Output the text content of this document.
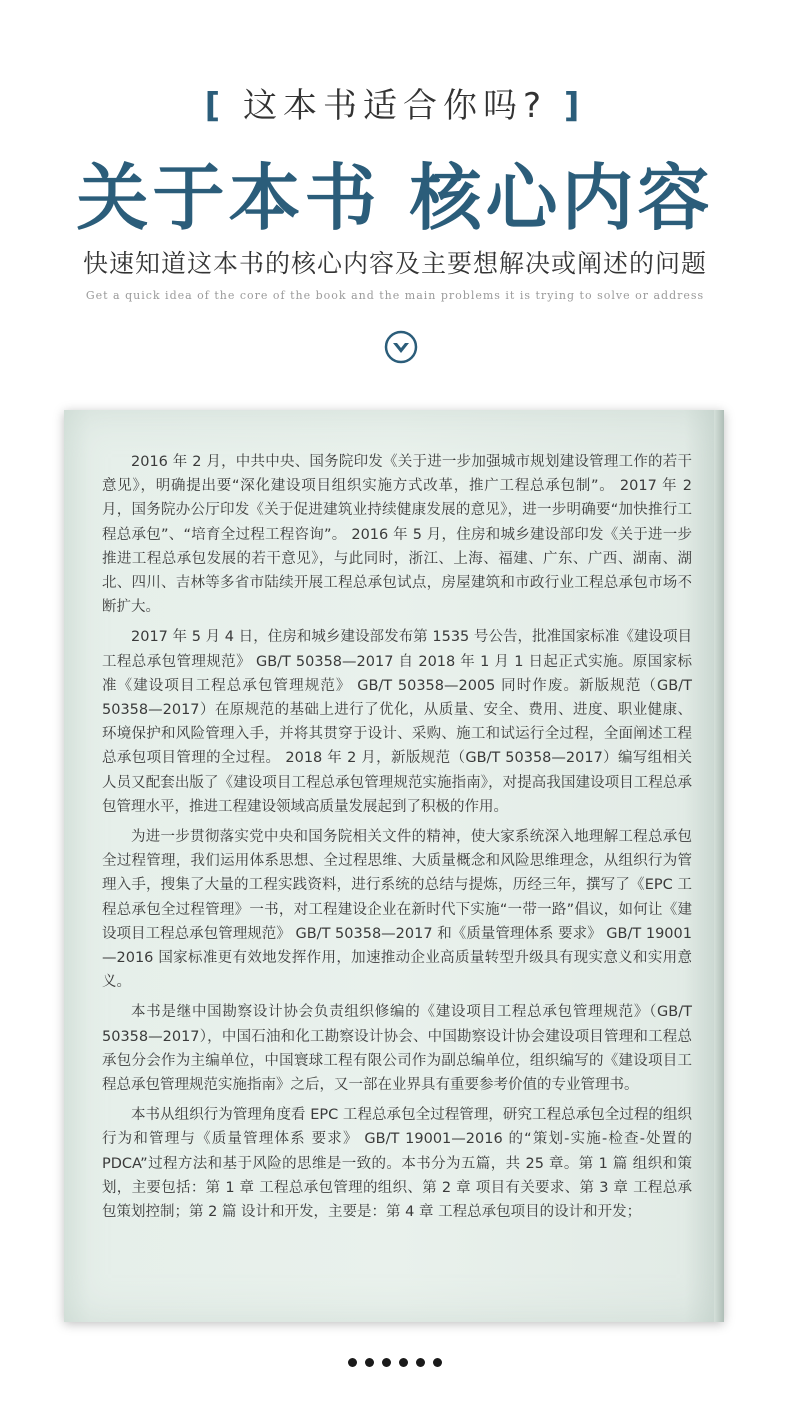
[ 这本书适合你吗? ]
关于本书 核心内容
快速知道这本书的核心内容及主要想解决或阐述的问题
Get a quick idea of the core of the book and the main problems it is trying to solve or address

2016 年 2 月，中共中央、国务院印发《关于进一步加强城市规划建设管理工作的若干意见》，明确提出要“深化建设项目组织实施方式改革，推广工程总承包制”。 2017 年 2 月，国务院办公厅印发《关于促进建筑业持续健康发展的意见》，进一步明确要“加快推行工程总承包”、“培育全过程工程咨询”。 2016 年 5 月，住房和城乡建设部印发《关于进一步推进工程总承包发展的若干意见》，与此同时，浙江、上海、福建、广东、广西、湖南、湖北、四川、吉林等多省市陆续开展工程总承包试点，房屋建筑和市政行业工程总承包市场不断扩大。

2017 年 5 月 4 日，住房和城乡建设部发布第 1535 号公告，批准国家标准《建设项目工程总承包管理规范》 GB/T 50358—2017 自 2018 年 1 月 1 日起正式实施。原国家标准《建设项目工程总承包管理规范》 GB/T 50358—2005 同时作废。新版规范（GB/T 50358—2017）在原规范的基础上进行了优化，从质量、安全、费用、进度、职业健康、环境保护和风险管理入手，并将其贯穿于设计、采购、施工和试运行全过程，全面阐述工程总承包项目管理的全过程。 2018 年 2 月，新版规范（GB/T 50358—2017）编写组相关人员又配套出版了《建设项目工程总承包管理规范实施指南》，对提高我国建设项目工程总承包管理水平，推进工程建设领域高质量发展起到了积极的作用。

为进一步贯彻落实党中央和国务院相关文件的精神，使大家系统深入地理解工程总承包全过程管理，我们运用体系思想、全过程思维、大质量概念和风险思维理念，从组织行为管理入手，搜集了大量的工程实践资料，进行系统的总结与提炼，历经三年，撰写了《EPC 工程总承包全过程管理》一书，对工程建设企业在新时代下实施“一带一路”倡议，如何让《建设项目工程总承包管理规范》 GB/T 50358—2017 和《质量管理体系 要求》 GB/T 19001—2016 国家标准更有效地发挥作用，加速推动企业高质量转型升级具有现实意义和实用意义。

本书是继中国勘察设计协会负责组织修编的《建设项目工程总承包管理规范》（GB/T 50358—2017），中国石油和化工勘察设计协会、中国勘察设计协会建设项目管理和工程总承包分会作为主编单位，中国寰球工程有限公司作为副总编单位，组织编写的《建设项目工程总承包管理规范实施指南》之后，又一部在业界具有重要参考价值的专业管理书。

本书从组织行为管理角度看 EPC 工程总承包全过程管理，研究工程总承包全过程的组织行为和管理与《质量管理体系 要求》 GB/T 19001—2016 的“策划-实施-检查-处置的 PDCA”过程方法和基于风险的思维是一致的。本书分为五篇，共 25 章。第 1 篇 组织和策划，主要包括：第 1 章 工程总承包管理的组织、第 2 章 项目有关要求、第 3 章 工程总承包策划控制；第 2 篇 设计和开发，主要是：第 4 章 工程总承包项目的设计和开发；
